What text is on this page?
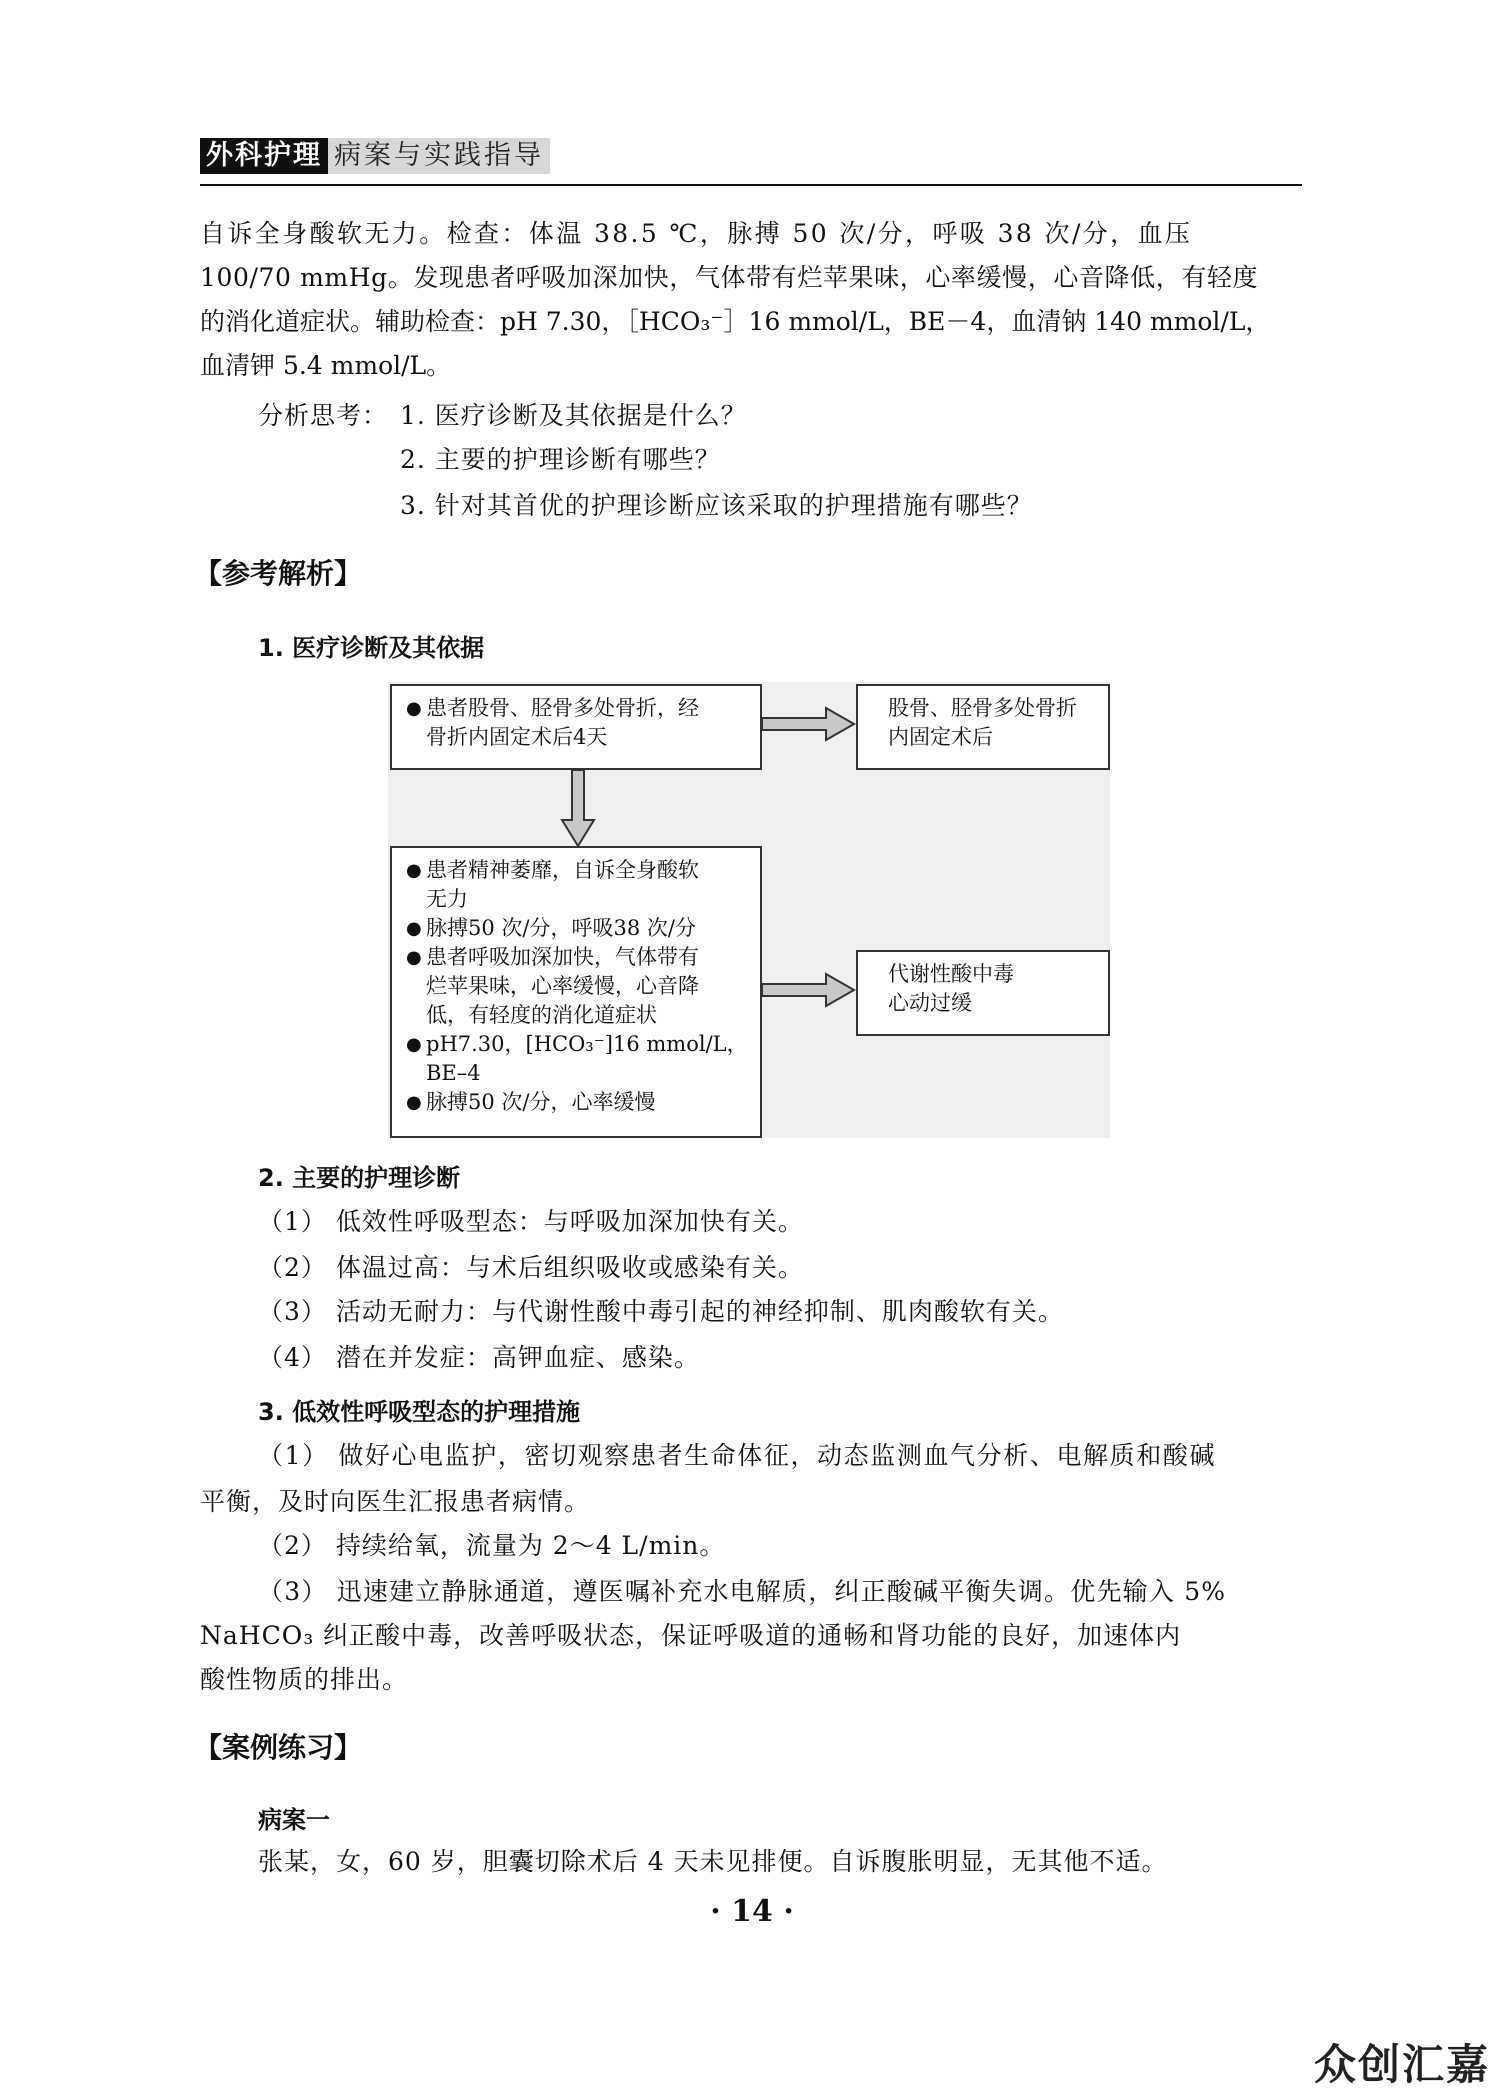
外科护理 病案与实践指导
自诉全身酸软无力。检查：体温 38.5 ℃，脉搏 50 次/分，呼吸 38 次/分，血压
100/70 mmHg。发现患者呼吸加深加快，气体带有烂苹果味，心率缓慢，心音降低，有轻度
的消化道症状。辅助检查：pH 7.30，［HCO₃⁻］16 mmol/L，BE－4，血清钠 140 mmol/L，
血清钾 5.4 mmol/L。
分析思考： 1. 医疗诊断及其依据是什么？
2. 主要的护理诊断有哪些？
3. 针对其首优的护理诊断应该采取的护理措施有哪些？
【参考解析】
1. 医疗诊断及其依据
● 患者股骨、胫骨多处骨折，经
骨折内固定术后4天
股骨、胫骨多处骨折
内固定术后
● 患者精神萎靡，自诉全身酸软
无力
● 脉搏50 次/分，呼吸38 次/分
● 患者呼吸加深加快，气体带有
烂苹果味，心率缓慢，心音降
低，有轻度的消化道症状
● pH7.30，[HCO₃⁻]16 mmol/L，
BE–4
● 脉搏50 次/分，心率缓慢
代谢性酸中毒
心动过缓
2. 主要的护理诊断
（1） 低效性呼吸型态：与呼吸加深加快有关。
（2） 体温过高：与术后组织吸收或感染有关。
（3） 活动无耐力：与代谢性酸中毒引起的神经抑制、肌肉酸软有关。
（4） 潜在并发症：高钾血症、感染。
3. 低效性呼吸型态的护理措施
（1） 做好心电监护，密切观察患者生命体征，动态监测血气分析、电解质和酸碱
平衡，及时向医生汇报患者病情。
（2） 持续给氧，流量为 2～4 L/min。
（3） 迅速建立静脉通道，遵医嘱补充水电解质，纠正酸碱平衡失调。优先输入 5%
NaHCO₃ 纠正酸中毒，改善呼吸状态，保证呼吸道的通畅和肾功能的良好，加速体内
酸性物质的排出。
【案例练习】
病案一
张某，女，60 岁，胆囊切除术后 4 天未见排便。自诉腹胀明显，无其他不适。
· 14 ·
众创汇嘉
